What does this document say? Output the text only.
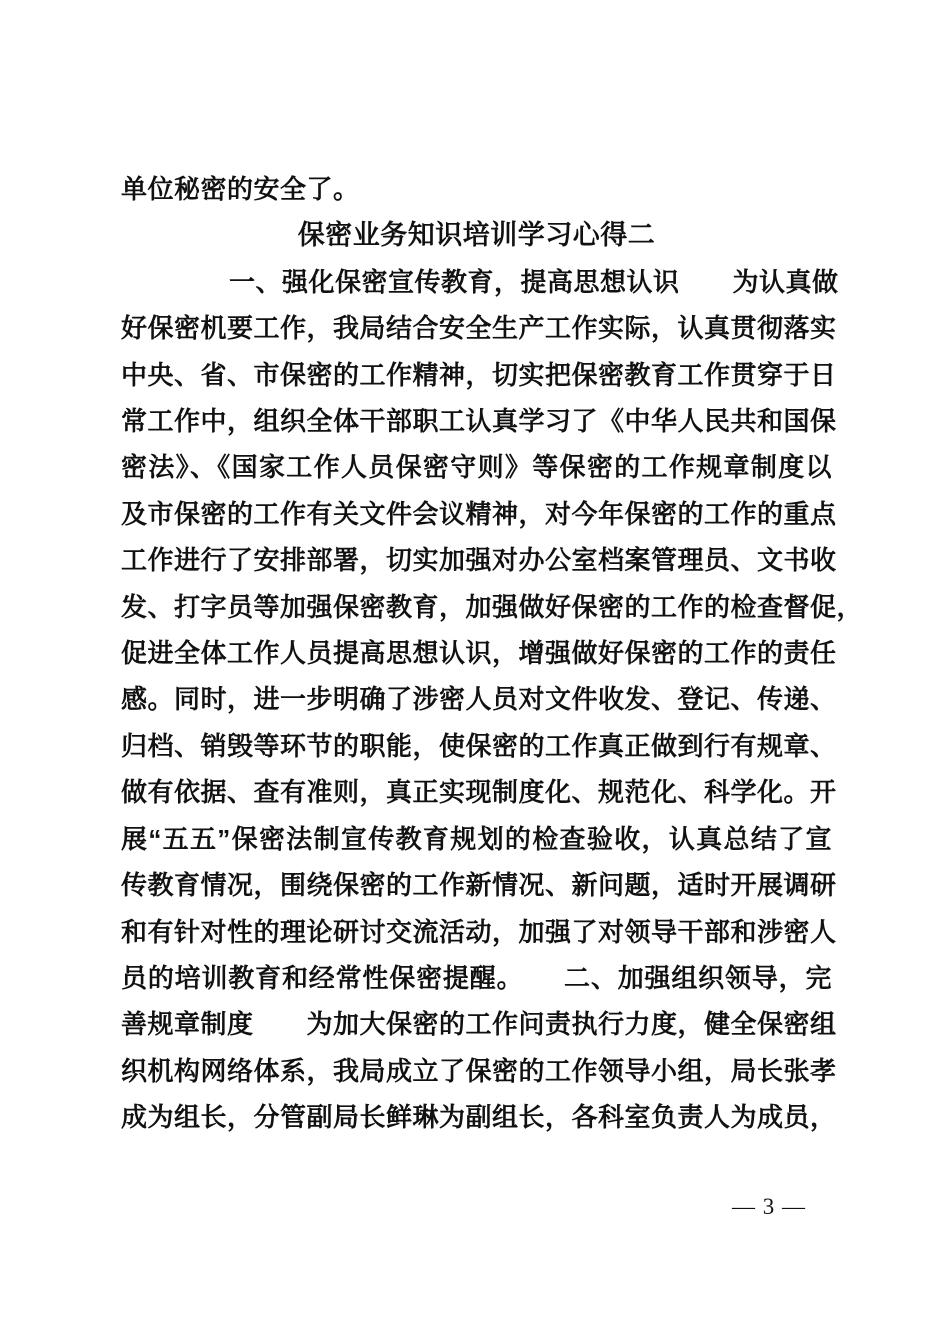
单位秘密的安全了。
保密业务知识培训学习心得二
一、强化保密宣传教育，提高思想认识　　为认真做
好保密机要工作，我局结合安全生产工作实际，认真贯彻落实
中央、省、市保密的工作精神，切实把保密教育工作贯穿于日
常工作中，组织全体干部职工认真学习了《中华人民共和国保
密法》、《国家工作人员保密守则》等保密的工作规章制度以
及市保密的工作有关文件会议精神，对今年保密的工作的重点
工作进行了安排部署，切实加强对办公室档案管理员、文书收
发、打字员等加强保密教育，加强做好保密的工作的检查督促，
促进全体工作人员提高思想认识，增强做好保密的工作的责任
感。同时，进一步明确了涉密人员对文件收发、登记、传递、
归档、销毁等环节的职能，使保密的工作真正做到行有规章、
做有依据、查有准则，真正实现制度化、规范化、科学化。开
展“五五”保密法制宣传教育规划的检查验收，认真总结了宣
传教育情况，围绕保密的工作新情况、新问题，适时开展调研
和有针对性的理论研讨交流活动，加强了对领导干部和涉密人
员的培训教育和经常性保密提醒。　　二、加强组织领导，完
善规章制度　　为加大保密的工作问责执行力度，健全保密组
织机构网络体系，我局成立了保密的工作领导小组，局长张孝
成为组长，分管副局长鲜琳为副组长，各科室负责人为成员，
— 3 —
